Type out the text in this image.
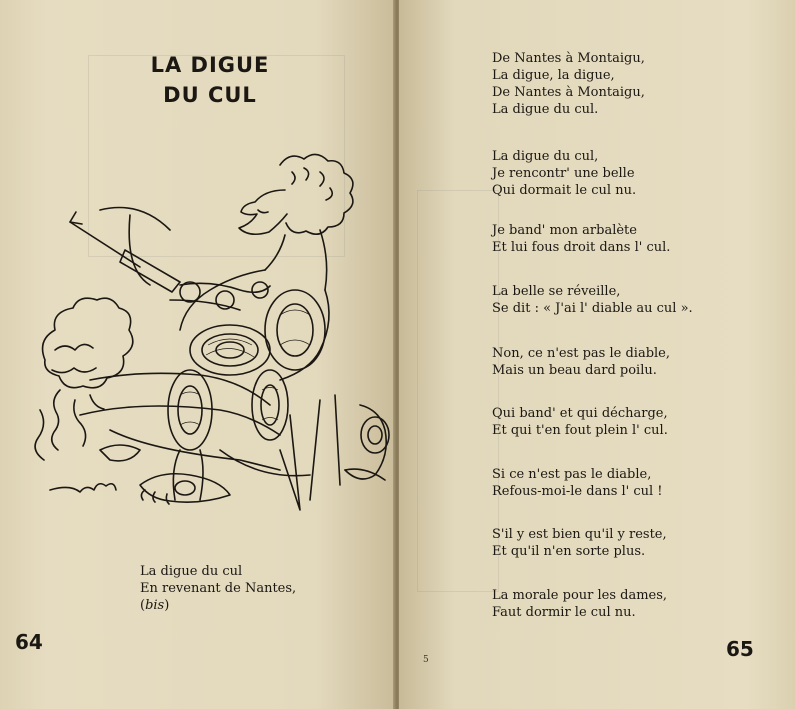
LA DIGUE
DU CUL
La digue du cul
En revenant de Nantes,
(bis)
64
De Nantes à Montaigu,
La digue, la digue,
De Nantes à Montaigu,
La digue du cul.
La digue du cul,
Je rencontr' une belle
Qui dormait le cul nu.
Je band' mon arbalète
Et lui fous droit dans l' cul.
La belle se réveille,
Se dit : « J'ai l' diable au cul ».
Non, ce n'est pas le diable,
Mais un beau dard poilu.
Qui band' et qui décharge,
Et qui t'en fout plein l' cul.
Si ce n'est pas le diable,
Refous-moi-le dans l' cul !
S'il y est bien qu'il y reste,
Et qu'il n'en sorte plus.
La morale pour les dames,
Faut dormir le cul nu.
5	65
